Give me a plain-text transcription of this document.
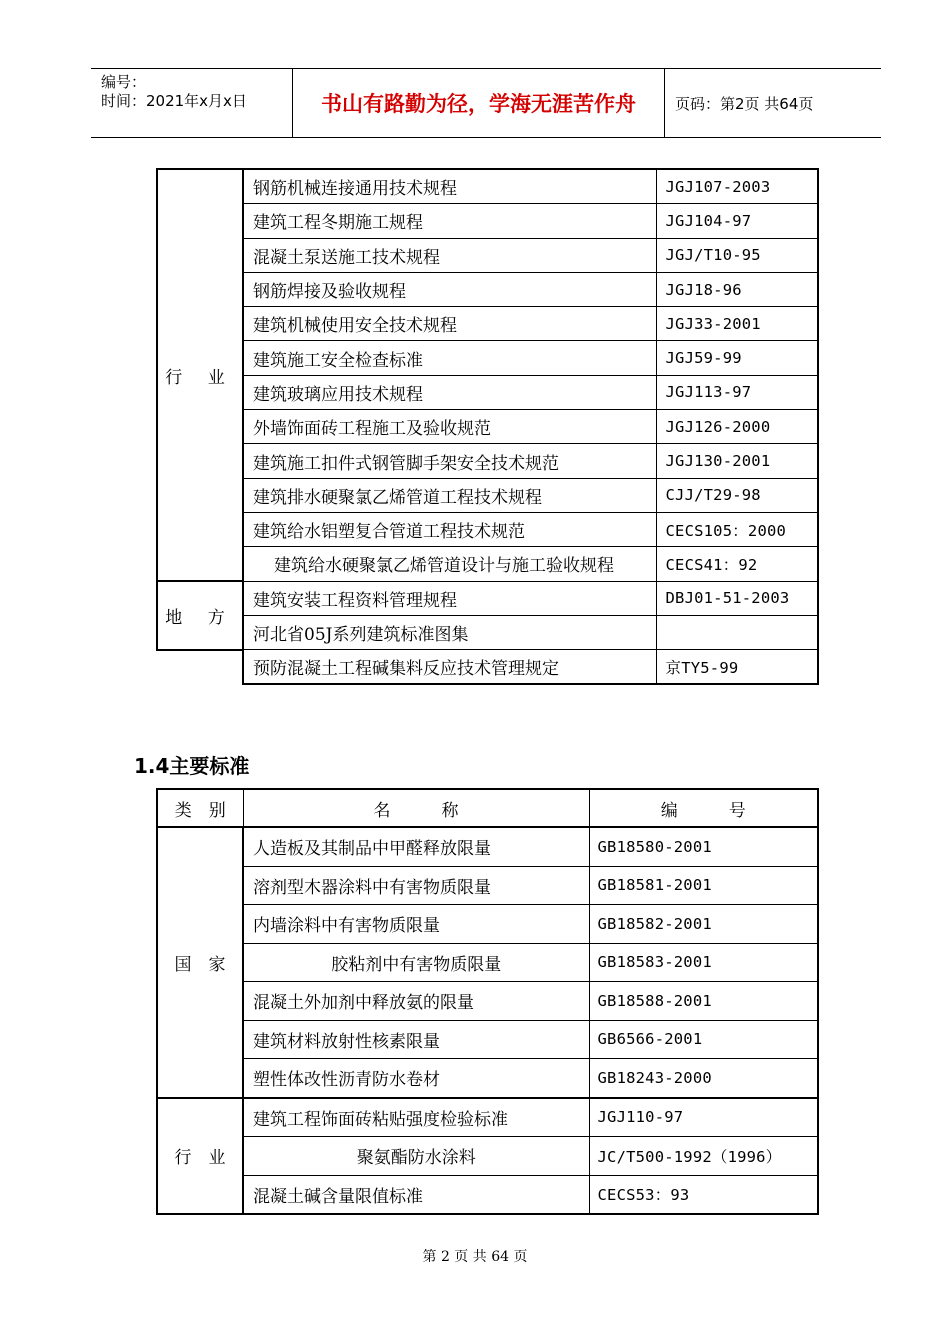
编号：
时间：2021年x月x日	书山有路勤为径，学海无涯苦作舟	页码：第2页 共64页
行 业	钢筋机械连接通用技术规程	JGJ107-2003
	建筑工程冬期施工规程	JGJ104-97
	混凝土泵送施工技术规程	JGJ/T10-95
	钢筋焊接及验收规程	JGJ18-96
	建筑机械使用安全技术规程	JGJ33-2001
	建筑施工安全检查标准	JGJ59-99
	建筑玻璃应用技术规程	JGJ113-97
	外墙饰面砖工程施工及验收规范	JGJ126-2000
	建筑施工扣件式钢管脚手架安全技术规范	JGJ130-2001
	建筑排水硬聚氯乙烯管道工程技术规程	CJJ/T29-98
	建筑给水铝塑复合管道工程技术规范	CECS105：2000
	建筑给水硬聚氯乙烯管道设计与施工验收规程	CECS41：92
地 方	建筑安装工程资料管理规程	DBJ01-51-2003
	河北省05J系列建筑标准图集	
	预防混凝土工程碱集料反应技术管理规定	京TY5-99
1.4主要标准
类　别	名　　　称	编　　　号
国　家	人造板及其制品中甲醛释放限量	GB18580-2001
	溶剂型木器涂料中有害物质限量	GB18581-2001
	内墙涂料中有害物质限量	GB18582-2001
	胶粘剂中有害物质限量	GB18583-2001
	混凝土外加剂中释放氨的限量	GB18588-2001
	建筑材料放射性核素限量	GB6566-2001
	塑性体改性沥青防水卷材	GB18243-2000
行　业	建筑工程饰面砖粘贴强度检验标准	JGJ110-97
	聚氨酯防水涂料	JC/T500-1992（1996）
	混凝土碱含量限值标准	CECS53：93
第 2 页 共 64 页
